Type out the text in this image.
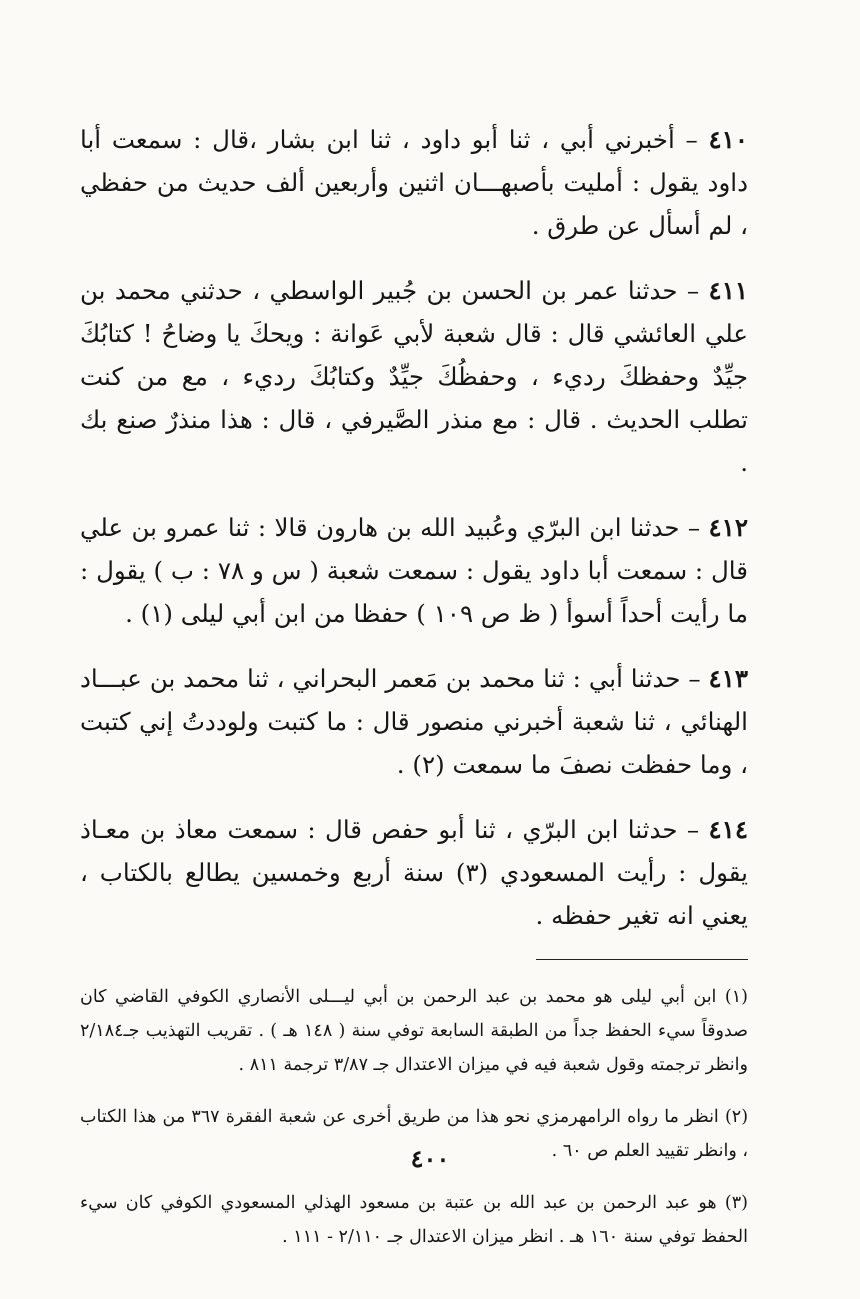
٤١٠ – أخبرني أبي ، ثنا أبو داود ، ثنا ابن بشار ،قال : سمعت أبا داود يقول : أمليت بأصبهـــان اثنين وأربعين ألف حديث من حفظي ، لم أسأل عن طرق .
٤١١ – حدثنا عمر بن الحسن بن جُبير الواسطي ، حدثني محمد بن علي العائشي قال : قال شعبة لأبي عَوانة : ويحكَ يا وضاحُ ! كتابُكَ جيِّدٌ وحفظكَ رديء ، وحفظُكَ جيِّدٌ وكتابُكَ رديء ، مع من كنت تطلب الحديث . قال : مع منذر الصَّيرفي ، قال : هذا منذرٌ صنع بك .
٤١٢ – حدثنا ابن البرّي وعُبيد الله بن هارون قالا : ثنا عمرو بن علي قال : سمعت أبا داود يقول : سمعت شعبة ( س و ٧٨ : ب ) يقول : ما رأيت أحداً أسوأ ( ظ ص ١٠٩ ) حفظا من ابن أبي ليلى (١) .
٤١٣ – حدثنا أبي : ثنا محمد بن مَعمر البحراني ، ثنا محمد بن عبـــاد الهنائي ، ثنا شعبة أخبرني منصور قال : ما كتبت ولوددتُ إني كتبت ، وما حفظت نصفَ ما سمعت (٢) .
٤١٤ – حدثنا ابن البرّي ، ثنا أبو حفص قال : سمعت معاذ بن معـاذ يقول : رأيت المسعودي (٣) سنة أربع وخمسين يطالع بالكتاب ، يعني انه تغير حفظه .
(١) ابن أبي ليلى هو محمد بن عبد الرحمن بن أبي ليـــلى الأنصاري الكوفي القاضي كان صدوقاً سيء الحفظ جداً من الطبقة السابعة توفي سنة ( ١٤٨ هـ ) . تقريب التهذيب جـ٢/١٨٤ وانظر ترجمته وقول شعبة فيه في ميزان الاعتدال جـ ٣/٨٧ ترجمة ٨١١ .
(٢) انظر ما رواه الرامهرمزي نحو هذا من طريق أخرى عن شعبة الفقرة ٣٦٧ من هذا الكتاب ، وانظر تقييد العلم ص ٦٠ .
(٣) هو عبد الرحمن بن عبد الله بن عتبة بن مسعود الهذلي المسعودي الكوفي كان سيء الحفظ توفي سنة ١٦٠ هـ . انظر ميزان الاعتدال جـ ٢/١١٠ - ١١١ .
٤٠٠
